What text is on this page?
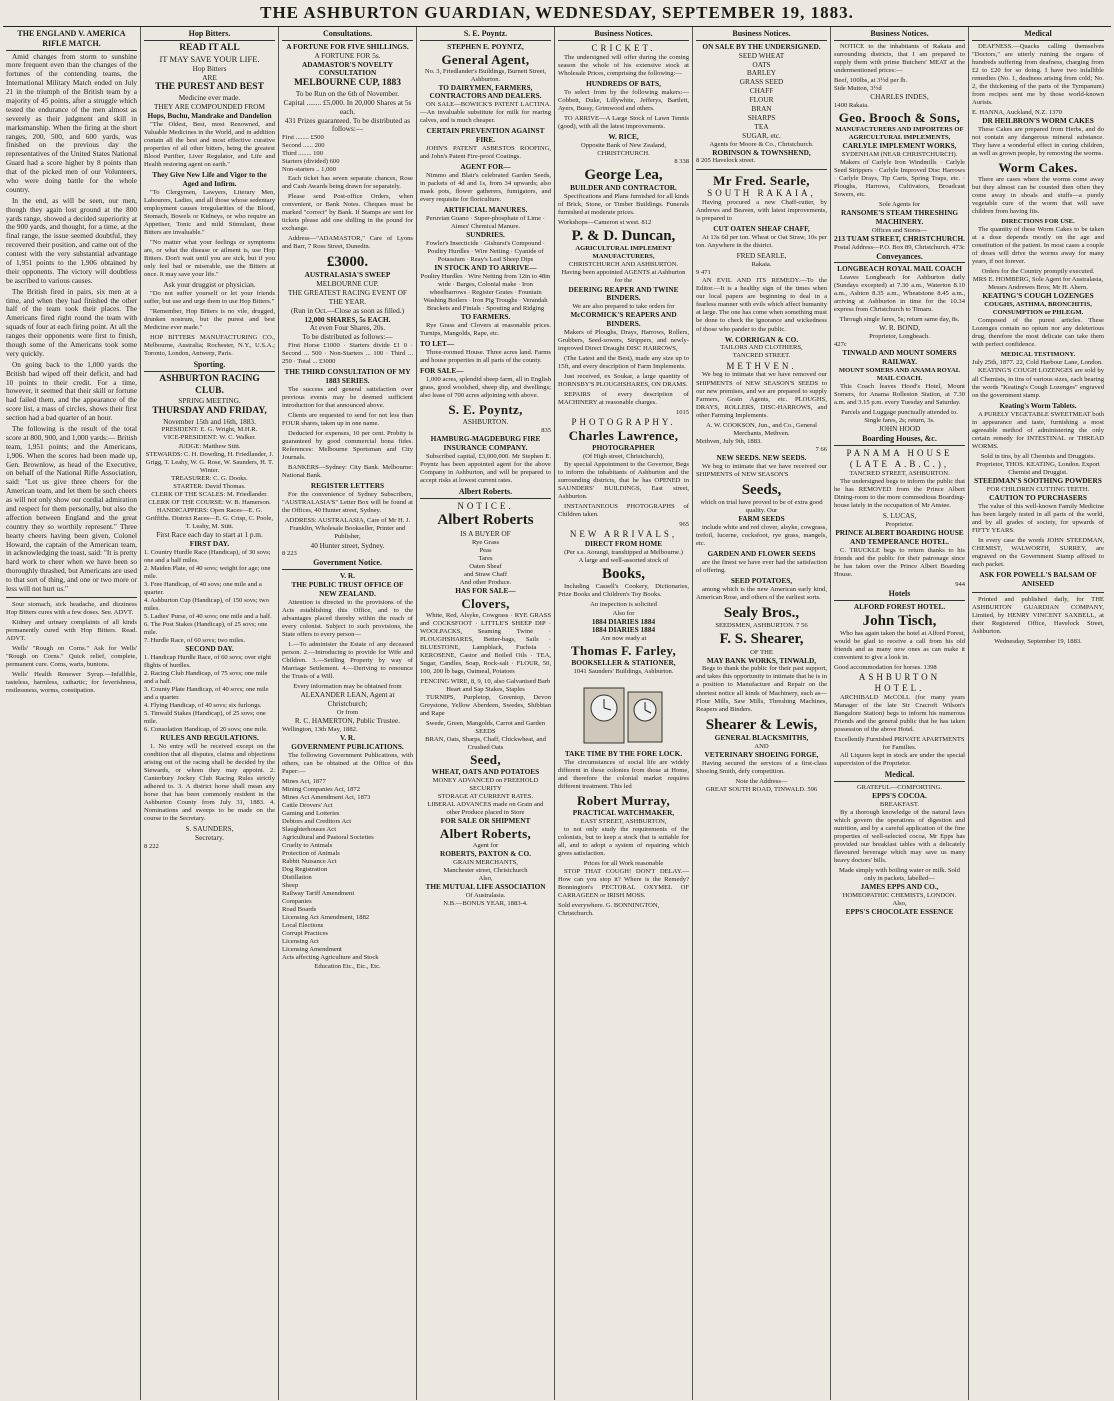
THE ASHBURTON GUARDIAN, WEDNESDAY, SEPTEMBER 19, 1883.
THE ENGLAND V. AMERICA RIFLE MATCH.

Amid changes from storm to sunshine more frequent even than the changes of the fortunes of the contending teams, the International Military Match ended on July 21 in the triumph of the British team by a majority of 45 points, after a struggle which tested the endurance of the men almost as severely as their judgment and skill in marksmanship. When the firing at the short ranges, 200, 500, and 600 yards, was finished on the previous day the representatives of the United States National Guard had a score higher by 8 points than that of the picked men of our Volunteers, who were doing battle for the whole country.

In the end, as will be seen, our men, though they again lost ground at the 800 yards range, showed a decided superiority at the 900 yards, and thought, for a time, at the final range, the issue seemed doubtful, they recovered their position, and came out of the contest with the very substantial advantage of 1,951 points to the 1,906 obtained by their opponents. The victory will doubtless be ascribed to various causes.

The British fired in pairs, six men at a time, and when they had finished the other half of the team took their places. The Americans fired right round the team with squads of four at each firing point. At all the ranges their opponents were first to finish, though some of the Americans took some very quickly.

On going back to the 1,000 yards the British had wiped off their deficit, and had 10 points to their credit. For a time, however, it seemed that their skill or fortune had failed them, and the appearance of the score list, a mass of circles, shows their first section had a bad quarter of an hour.

The following is the result of the total score at 800, 900, and 1,000 yards:— British team, 1,951 points; and the Americans, 1,906. When the scores had been made up, Gen. Brownlow, as head of the Executive, on behalf of the National Rifle Association, said: "Let us give three cheers for the American team, and let them be such cheers as will not only show our cordial admiration and respect for them personally, but also the affection between England and the great country they so worthily represent." Three hearty cheers having been given, Colonel Howard, the captain of the American team, in acknowledging the toast, said: "It is pretty hard work to cheer when we have been so thoroughly thrashed, but Americans are used to that sort of thing, and one or two more or less will not hurt us."

Sour stomach, sick headache, and dizziness Hop Bitters cures with a few doses. See. ADVT.

Kidney and urinary complaints of all kinds permanently cured with Hop Bitters. Read. ADVT.

Wells' "Rough on Corns." Ask for Wells' "Rough on Corns." Quick relief, complete, permanent cure. Corns, warts, bunions.

Wells' Health Renewer Syrup.—Infallible, tasteless, harmless, cathartic; for feverishness, restlessness, worms, constipation.

Hop Bitters.
READ IT ALL
IT MAY SAVE YOUR LIFE.
Hop Bitters
ARE
THE PUREST AND BEST
Medicine ever made.
THEY ARE COMPOUNDED FROM
Hops, Buchu, Mandrake and Dandelion

"The Oldest, Best, most Renowned, and Valuable Medicines in the World, and in addition contain all the best and most effective curative properties of all other bitters, being the greatest Blood Purifier, Liver Regulator, and Life and Health restoring agent on earth."

They Give New Life and Vigor to the Aged and Infirm.

"To Clergymen, Lawyers, Literary Men, Labourers, Ladies, and all those whose sedentary employment causes irregularities of the Blood, Stomach, Bowels or Kidneys, or who require an Appetiser, Tonic and mild Stimulant, these Bitters are invaluable."

"No matter what your feelings or symptoms are, or what the disease or ailment is, use Hop Bitters. Don't wait until you are sick, but if you only feel bad or miserable, use the Bitters at once. It may save your life."

Ask your druggist or physician.

"Do not suffer yourself or let your friends suffer, but use and urge them to use Hop Bitters."

"Remember, Hop Bitters is no vile, drugged, drunken nostrum, but the purest and best Medicine ever made."

HOP BITTERS MANUFACTURING CO., Melbourne, Australia; Rochester, N.Y., U.S.A.; Toronto, London, Antwerp, Paris.

Sporting.
ASHBURTON RACING CLUB.
SPRING MEETING.
THURSDAY AND FRIDAY,
November 15th and 16th, 1883.
PRESIDENT: E. G. Wright, M.H.R.
VICE-PRESIDENT: W. C. Walker.
JUDGE: Matthew Stitt.
STEWARDS: C. H. Dowding, H. Friedlander, J. Grigg, T. Leahy, W. G. Rose, W. Saunders, H. T. Winter.
TREASURER: C. G. Dooks.
STARTER: David Thomas.
CLERK OF THE SCALES: M. Friedlander.
CLERK OF THE COURSE: W. B. Hamerson.
HANDICAPPERS: Open Races—E. G. Griffiths. District Races—E. G. Crisp, C. Poole, T. Leahy, M. Stitt.
First Race each day to start at 1 p.m.
FIRST DAY.
1. Country Hurdle Race (Handicap), of 30 sovs; one and a half miles.
2. Maiden Plate, of 40 sovs; weight for age; one mile.
3. Free Handicap, of 40 sovs; one mile and a quarter.
4. Ashburton Cup (Handicap), of 150 sovs; two miles.
5. Ladies' Purse, of 40 sovs; one mile and a half.
6. The Post Stakes (Handicap), of 25 sovs; one mile.
7. Hurdle Race, of 60 sovs; two miles.
SECOND DAY.
1. Handicap Hurdle Race, of 60 sovs; over eight flights of hurdles.
2. Racing Club Handicap, of 75 sovs; one mile and a half.
3. County Plate Handicap, of 40 sovs; one mile and a quarter.
4. Flying Handicap, of 40 sovs; six furlongs.
5. Tinwald Stakes (Handicap), of 25 sovs; one mile.
6. Consolation Handicap, of 20 sovs; one mile.
RULES AND REGULATIONS.

1. No entry will be received except on the condition that all disputes, claims and objections arising out of the racing shall be decided by the Stewards, or whom they may appoint. 2. Canterbury Jockey Club Racing Rules strictly adhered to. 3. A district horse shall mean any horse that has been commonly resident in the Ashburton County from July 31, 1883. 4. Nominations and sweeps to be made on the course to the Secretary.

S. SAUNDERS,
Secretary.
8 222
Consultations.
A FORTUNE FOR FIVE SHILLINGS.
A FORTUNE FOR 5s.
ADAMASTOR'S NOVELTY CONSULTATION
MELBOURNE CUP, 1883
To be Run on the 6th of November.
Capital ........ £5,000. In 20,000 Shares at 5s each.
431 Prizes guaranteed. To be distributed as follows:—
First ........ £500
Second ...... 200
Third ........ 100
Starters (divided) 600
Non-starters .. 1,000

Each ticket has seven separate chances, Rose and Cash Awards being drawn for separately.

Please send Post-office Orders, when convenient, or Bank Notes. Cheques must be marked "correct" by Bank. If Stamps are sent for tickets please add one shilling in the pound for exchange.

Address—"ADAMASTOR," Care of Lyons and Barr, 7 Ross Street, Dunedin.

£3000.
AUSTRALASIA'S SWEEP
MELBOURNE CUP.
THE GREATEST RACING EVENT OF THE YEAR.
(Run in Oct.—Close as soon as filled.)
12,000 SHARES, 5s EACH.
At even Four Shares, 20s.
To be distributed as follows:—

First Horse £1000 · Starters divide £1 0 · Second ... 500 · Non-Starters ... 100 · Third ... 250 · Total ... £3000

THE THIRD CONSULTATION OF MY 1883 SERIES.

The success and general satisfaction over previous events may be deemed sufficient introduction for that announced above.

Clients are requested to send for not less than FOUR shares, taken up in one name.

Deducted for expenses, 10 per cent. Probity is guaranteed by good commercial bona fides. References: Melbourne Sportsman and City Journals.

BANKERS—Sydney: City Bank. Melbourne: National Bank.

REGISTER LETTERS

For the convenience of Sydney Subscribers, "AUSTRALASIA'S" Letter Box will be found at the Offices, 40 Hunter street, Sydney.

ADDRESS: AUSTRALASIA, Care of Mr H. J. Franklin, Wholesale Bookseller, Printer and Publisher,
40 Hunter street, Sydney.
8 223
Government Notice.
V. R.
THE PUBLIC TRUST OFFICE OF NEW ZEALAND.

Attention is directed to the provisions of the Acts establishing this Office, and to the advantages placed thereby within the reach of every colonist. Subject to such provisions, the State offers to every person—

1.—To administer the Estate of any deceased person. 2.—Introducing to provide for Wife and Children. 3.—Settling Property by way of Marriage Settlement. 4.—Deriving to renounce the Trusts of a Will.

Every information may be obtained from
ALEXANDER LEAN, Agent at Christchurch;
Or from
R. C. HAMERTON, Public Trustee.
Wellington, 13th May, 1882.
V. R.
GOVERNMENT PUBLICATIONS.

The following Government Publications, with others, can be obtained at the Office of this Paper:—

Mines Act, 1877
Mining Companies Act, 1872
Mines Act Amendment Act, 1873
Cattle Drovers' Act
Gaming and Lotteries
Debtors and Creditors Act
Slaughterhouses Act
Agricultural and Pastoral Societies
Cruelty to Animals
Protection of Animals
Rabbit Nuisance Act
Dog Registration
Distillation
Sheep
Railway Tariff Amendment
Companies
Road Boards
Licensing Act Amendment, 1882
Local Elections
Corrupt Practices
Licensing Act
Licensing Amendment
Acts affecting Agriculture and Stock
Education Etc., Etc., Etc.
S. E. Poyntz.
STEPHEN E. POYNTZ,
General Agent,
No. 3, Friedlander's Buildings, Burnett Street, Ashburton.
TO DAIRYMEN, FARMERS, CONTRACTORS AND DEALERS.

ON SALE—BOWICK'S PATENT LACTINA.—An invaluable substitute for milk for rearing calves, and is much cheaper.

CERTAIN PREVENTION AGAINST FIRE.

JOHN'S PATENT ASBESTOS ROOFING, and John's Patent Fire-proof Coatings.

AGENT FOR—

Nimmo and Blair's celebrated Garden Seeds, in packets of 4d and 1s, from 34 upwards; also mask pots, flower gatherers, fumigators, and every requisite for floriculture.

ARTIFICIAL MANURES.
Peruvian Guano · Super-phosphate of Lime · Aimes' Chemical Manure.
SUNDRIES.
Fowler's Insecticide · Gishurst's Compound · Poultry Hurdles · Wire Netting · Cyanide of Potassium · Reay's Leaf Sheep Dips
IN STOCK AND TO ARRIVE—
Poultry Hurdles · Wire Netting from 12in to 48in wide · Barges, Colonial make · Iron wheelbarrows · Register Grates · Fountain Washing Boilers · Iron Pig Troughs · Verandah Brackets and Finials · Spouting and Ridging
TO FARMERS.

Rye Grass and Clovers at reasonable prices. Turnips, Mangolds, Rape, etc.

TO LET—

Three-roomed House. Three acres land. Farms and house properties in all parts of the county.

FOR SALE—

1,000 acres, splendid sheep farm, all in English grass, good woolshed, sheep dip, and dwellings; also lease of 700 acres adjoining with above.

S. E. Poyntz,
ASHBURTON.
835
HAMBURG-MAGDEBURG FIRE INSURANCE COMPANY.

Subscribed capital, £3,000,000. Mr Stephen E. Poyntz has been appointed agent for the above Company in Ashburton, and will be prepared to accept risks at lowest current rates.

Albert Roberts.
NOTICE.
Albert Roberts
IS A BUYER OF
Rye Grass
Peas
Tares
Oaten Sheaf
and Straw Chaff
And other Produce.
HAS FOR SALE—
Clovers,

White, Red, Alsyke, Cowgrass · RYE GRASS and COCKSFOOT · LITTLE'S SHEEP DIP · WOOLPACKS, Seaming Twine · PLOUGHSHARES, Better-bags, Sails · BLUESTONE, Lampblack, Fuchsia · KEROSENE, Castor and Boiled Oils · TEA, Sugar, Candles, Soap, Rock-salt · FLOUR, 50, 100, 200 lb bags, Oatmeal, Potatoes

FENCING WIRE, 8, 9, 10, also Galvanised Barb
Heart and Sap Stakes, Staples

TURNIPS, Purpletop, Greentop, Devon Greystone, Yellow Aberdeen, Swedes, Shibbian and Rape

Swede, Green, Mangolds, Carrot and Garden SEEDS
BRAN, Oats, Sharps, Chaff, Chickwheat, and Crushed Oats
Seed,
WHEAT, OATS AND POTATOES
MONEY ADVANCED on FREEHOLD SECURITY
STORAGE AT CURRENT RATES.
LIBERAL ADVANCES made on Grain and other Produce placed in Store
FOR SALE OR SHIPMENT
Albert Roberts,
Agent for
ROBERTS, PAXTON & CO.
GRAIN MERCHANTS,
Manchester street, Christchurch
Also,
THE MUTUAL LIFE ASSOCIATION
Of Australasia.
N.B.—BONUS YEAR, 1883-4.
Business Notices.
CRICKET.

The undersigned will offer during the coming season the whole of his extensive stock at Wholesale Prices, comprising the following:—

HUNDREDS OF BATS,

To select from by the following makers:— Cobbett, Duke, Lillywhite, Jefferys, Bartlett, Ayers, Bussy, Grimwood and others.

TO ARRIVE—A Large Stock of Lawn Tennis (good), with all the latest improvements.

W. RICE,
Opposite Bank of New Zealand,
CHRISTCHURCH.
8 338
George Lea,
BUILDER AND CONTRACTOR.

Specifications and Plans furnished for all kinds of Brick, Stone, or Timber Buildings. Funerals furnished at moderate prices.

Workshops—Cameron st west. 812
P. & D. Duncan,
AGRICULTURAL IMPLEMENT MANUFACTURERS,
CHRISTCHURCH AND ASHBURTON.
Having been appointed AGENTS at Ashburton for the
DEERING REAPER AND TWINE BINDERS.
We are also prepared to take orders for
McCORMICK'S REAPERS AND BINDERS.

Makers of Ploughs, Drays, Harrows, Rollers, Grubbers, Seed-sowers, Strippers, and newly-improved Direct Draught DISC HARROWS,

(The Latest and the Best), made any size up to 15ft, and every description of Farm Implements.

Just received, ex Soukar, a large quantity of HORNSBY'S PLOUGHSHARES, ON DRAMS.

REPAIRS of every description of MACHINERY at reasonable charges.

1015
PHOTOGRAPHY.
Charles Lawrence,
PHOTOGRAPHER
(Of High street, Christchurch),

By special Appointment to the Governor, Begs to inform the inhabitants of Ashburton and the surrounding districts, that he has OPENED in SAUNDERS' BUILDINGS, East street, Ashburton.

INSTANTANEOUS PHOTOGRAPHS of Children taken.

965
NEW ARRIVALS,
DIRECT FROM HOME
(Per s.s. Aorangi, transhipped at Melbourne.)
A large and well-assorted stock of
Books,

Including Cassell's Cookery, Dictionaries, Prize Books and Children's Toy Books.

An inspection is solicited
Also for
1884 DIARIES 1884
1884 DIARIES 1884
Are now ready at
Thomas F. Farley,
BOOKSELLER & STATIONER,
1041 Saunders' Buildings, Ashburton.
TAKE TIME BY THE FORE LOCK.

The circumstances of social life are widely different in these colonies from those at Home, and therefore the colonial market requires different treatment. This led

Robert Murray,
PRACTICAL WATCHMAKER,
EAST STREET, ASHBURTON,

to not only study the requirements of the colonists, but to keep a stock that is suitable for all, and to adopt a system of repairing which gives satisfaction.

Prices for all Work reasonable

STOP THAT COUGH! DON'T DELAY.—How can you stop it? Where is the Remedy? Bonnington's PECTORAL OXYMEL OF CARRAGEEN or IRISH MOSS.

Sold everywhere. G. BONNINGTON, Christchurch.
Business Notices.
ON SALE BY THE UNDERSIGNED.
SEED WHEAT
OATS
BARLEY
GRASS SEED
CHAFF
FLOUR
BRAN
SHARPS
TEA
SUGAR, etc.
Agents for Moore & Co., Christchurch.
ROBINSON & TOWNSHEND,
8 205 Havelock street.
Mr Fred. Searle,
SOUTH RAKAIA,

Having procured a new Chaff-cutter, by Andrews and Beaven, with latest improvements, is prepared to

CUT OATEN SHEAF CHAFF,

At 13s 6d per ton. Wheat or Oat Straw, 10s per ton. Anywhere in the district.

FRED SEARLE,
Rakaia.
9 471

AN EVIL AND ITS REMEDY.—To the Editor.—It is a healthy sign of the times when our local papers are beginning to deal in a fearless manner with evils which affect humanity at large. The one has come when something must be done to check the ignorance and wickedness of those who pander to the public.

W. CORRIGAN & CO.
TAILORS AND CLOTHIERS,
TANCRED STREET.
METHVEN.

We beg to intimate that we have removed our SHIPMENTS of NEW SEASON'S SEEDS to our new premises, and we are prepared to supply Farmers, Grain Agents, etc. PLOUGHS, DRAYS, ROLLERS, DISC-HARROWS, and other Farming Implements.

A. W. COOKSON, Jun., and Co., General Merchants, Methven.
Methven, July 9th, 1883.
7 66
NEW SEEDS. NEW SEEDS.

We beg to intimate that we have received our SHIPMENTS of NEW SEASON'S

Seeds,
which on trial have proved to be of extra good quality. Our
FARM SEEDS

include white and red clover, alsyke, cowgrass, trefoil, lucerne, cocksfoot, rye grass, mangels, etc.

GARDEN AND FLOWER SEEDS

are the finest we have ever had the satisfaction of offering.

SEED POTATOES,

among which is the new American early kind, American Rose, and others of the earliest sorts.

Sealy Bros.,
SEEDSMEN, ASHBURTON. 7 56
F. S. Shearer,
OF THE
MAY BANK WORKS, TINWALD,

Begs to thank the public for their past support, and takes this opportunity to intimate that he is in a position to Manufacture and Repair on the shortest notice all kinds of Machinery, such as—Flour Mills, Saw Mills, Threshing Machines, Reapers and Binders.

Shearer & Lewis,
GENERAL BLACKSMITHS,
AND
VETERINARY SHOEING FORGE,

Having secured the services of a first-class Shoeing Smith, defy competition.

Note the Address—
GREAT SOUTH ROAD, TINWALD. 596
Business Notices.

NOTICE to the inhabitants of Rakaia and surrounding districts, that I am prepared to supply them with prime Butchers' MEAT at the undermentioned prices:—

Beef, 100lbs, at 3½d per lb.
Side Mutton, 3½d
CHARLES INDES,
1400 Rakaia.
Geo. Brooch & Sons,
MANUFACTURERS AND IMPORTERS OF AGRICULTURAL IMPLEMENTS,
CARLYLE IMPLEMENT WORKS,
SYDENHAM (NEAR CHRISTCHURCH).

Makers of Carlyle Iron Windmills · Carlyle Seed Strippers · Carlyle Improved Disc Harrows · Carlyle Drays, Tip Carts, Spring Traps, etc. · Ploughs, Harrows, Cultivators, Broadcast Sowers, etc.

Sole Agents for
RANSOME'S STEAM THRESHING MACHINERY.
Offices and Stores—
213 TUAM STREET, CHRISTCHURCH.
Postal Address—P.O. Box 89, Christchurch. 473c
Conveyances.
LONGBEACH ROYAL MAIL COACH

Leaves Longbeach for Ashburton daily (Sundays excepted) at 7.30 a.m., Waterton 8.10 a.m., Ashton 8.35 a.m., Wheatstone 8.45 a.m., arriving at Ashburton in time for the 10.34 express from Christchurch to Timaru.

Through single fares, 5s; return same day, 8s.
W. R. BOND,
Proprietor, Longbeach.
427c
TINWALD AND MOUNT SOMERS RAILWAY.
MOUNT SOMERS AND ANAMA ROYAL MAIL COACH.

This Coach leaves Hood's Hotel, Mount Somers, for Anama Rolleston Station, at 7.30 a.m. and 3.15 p.m. every Tuesday and Saturday.

Parcels and Luggage punctually attended to.
Single fares, 2s; return, 3s.
JOHN HOOD
Boarding Houses, &c.
PANAMA HOUSE (LATE A.B.C.),
TANCRED STREET, ASHBURTON.

The undersigned begs to inform the public that he has REMOVED from the Prince Albert Dining-room to the more commodious Boarding-house lately in the occupation of Mr Anstee.

S. LUCAS,
Proprietor.
PRINCE ALBERT BOARDING HOUSE AND TEMPERANCE HOTEL.

C. TRUCKLE begs to return thanks to his friends and the public for their patronage since he has taken over the Prince Albert Boarding House.

944
Hotels
ALFORD FOREST HOTEL.
John Tisch,

Who has again taken the hotel at Alford Forest, would be glad to receive a call from his old friends and as many new ones as can make it convenient to give a look in.

Good accommodation for horses. 1398
ASHBURTON HOTEL.

ARCHIBALD McCOLL (for many years Manager of the late Sir Cracroft Wilson's Bangalore Station) begs to inform his numerous Friends and the general public that he has taken possession of the above Hotel.

Excellently Furnished PRIVATE APARTMENTS for Families.

All Liquors kept in stock are under the special supervision of the Proprietor.

Medical.
GRATEFUL—COMFORTING.
EPPS'S COCOA.
BREAKFAST.

By a thorough knowledge of the natural laws which govern the operations of digestion and nutrition, and by a careful application of the fine properties of well-selected cocoa, Mr Epps has provided our breakfast tables with a delicately flavoured beverage which may save us many heavy doctors' bills.

Made simply with boiling water or milk. Sold only in packets, labelled—
JAMES EPPS AND CO.,
HOMEOPATHIC CHEMISTS, LONDON.
Also,
EPPS'S CHOCOLATE ESSENCE
Medical

DEAFNESS.—Quacks calling themselves "Doctors," are utterly ruining the organs of hundreds suffering from deafness, charging from £2 to £20 for so doing. I have two infallible remedies (No. 1, deafness arising from cold; No. 2, the thickening of the parts of the Tympanum) from recipes sent me by those world-known Aurists.

E. HANNA, Auckland, N.Z. 1370
DR HEILBRON'S WORM CAKES

These Cakes are prepared from Herbs, and do not contain any dangerous mineral substance. They have a wonderful effect in curing children, as well as grown people, by removing the worms.

Worm Cakes.

There are cases where the worms come away but they almost can be counted then often they come away in shoals and stuffs—a purely vegetable cure of the worm that will save children from having fits.

DIRECTIONS FOR USE.

The quantity of these Worm Cakes to be taken at a dose depends mostly on the age and constitution of the patient. In most cases a couple of doses will drive the worms away for many years, if not forever.

Orders for the Country promptly executed.
MRS E. HOMBERG, Sole Agent for Australasia, Messrs Andrewes Bros; Mr H. Ahern.
KEATING'S COUGH LOZENGES
COUGHS, ASTHMA, BRONCHITIS, CONSUMPTION or PHLEGM.

Composed of the purest articles. These Lozenges contain no opium nor any deleterious drug, therefore the most delicate can take them with perfect confidence.

MEDICAL TESTIMONY.
July 25th, 1877. 22, Cold Harbour Lane, London.

KEATING'S COUGH LOZENGES are sold by all Chemists, in tins of various sizes, each bearing the words "Keating's Cough Lozenges" engraved on the government stamp.

Keating's Worm Tablets.

A PURELY VEGETABLE SWEETMEAT both in appearance and taste, furnishing a most agreeable method of administering the only certain remedy for INTESTINAL or THREAD WORMS.

Sold in tins, by all Chemists and Druggists.
Proprietor, THOS. KEATING, London. Export Chemist and Druggist.
STEEDMAN'S SOOTHING POWDERS
FOR CHILDREN CUTTING TEETH.
CAUTION TO PURCHASERS

The value of this well-known Family Medicine has been largely tested in all parts of the world, and by all grades of society, for upwards of FIFTY YEARS.

In every case the words JOHN STEEDMAN, CHEMIST, WALWORTH, SURREY, are engraved on the Government Stamp affixed to each packet.

ASK FOR POWELL'S BALSAM OF ANISEED

Printed and published daily, for THE ASHBURTON GUARDIAN COMPANY, Limited, by HENRY VINCENT SAXBELL, at their Registered Office, Havelock Street, Ashburton.

Wednesday, September 19, 1883.
